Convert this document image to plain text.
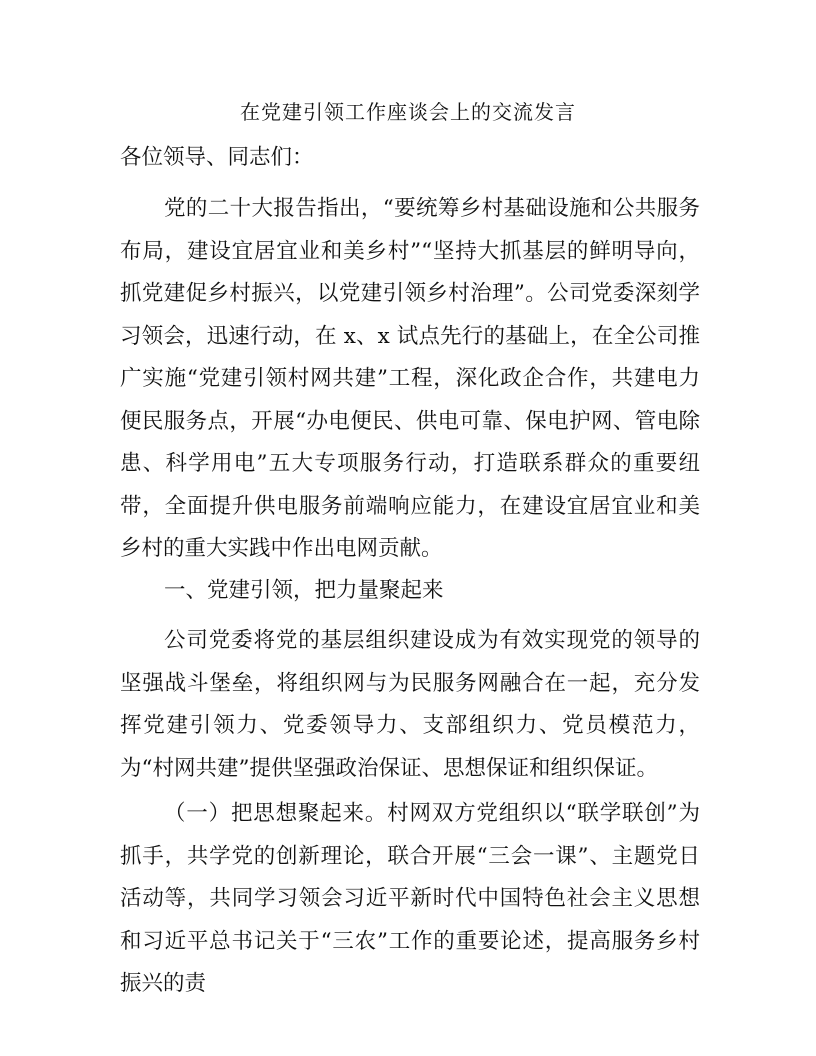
在党建引领工作座谈会上的交流发言
各位领导、同志们：
党的二十大报告指出，“要统筹乡村基础设施和公共服务布局，建设宜居宜业和美乡村”“坚持大抓基层的鲜明导向，抓党建促乡村振兴，以党建引领乡村治理”。公司党委深刻学习领会，迅速行动，在 x、x 试点先行的基础上，在全公司推广实施“党建引领村网共建”工程，深化政企合作，共建电力便民服务点，开展“办电便民、供电可靠、保电护网、管电除患、科学用电”五大专项服务行动，打造联系群众的重要纽带，全面提升供电服务前端响应能力，在建设宜居宜业和美乡村的重大实践中作出电网贡献。
一、党建引领，把力量聚起来
公司党委将党的基层组织建设成为有效实现党的领导的坚强战斗堡垒，将组织网与为民服务网融合在一起，充分发挥党建引领力、党委领导力、支部组织力、党员模范力，为“村网共建”提供坚强政治保证、思想保证和组织保证。
（一）把思想聚起来。村网双方党组织以“联学联创”为抓手，共学党的创新理论，联合开展“三会一课”、主题党日活动等，共同学习领会习近平新时代中国特色社会主义思想和习近平总书记关于“三农”工作的重要论述，提高服务乡村振兴的责
